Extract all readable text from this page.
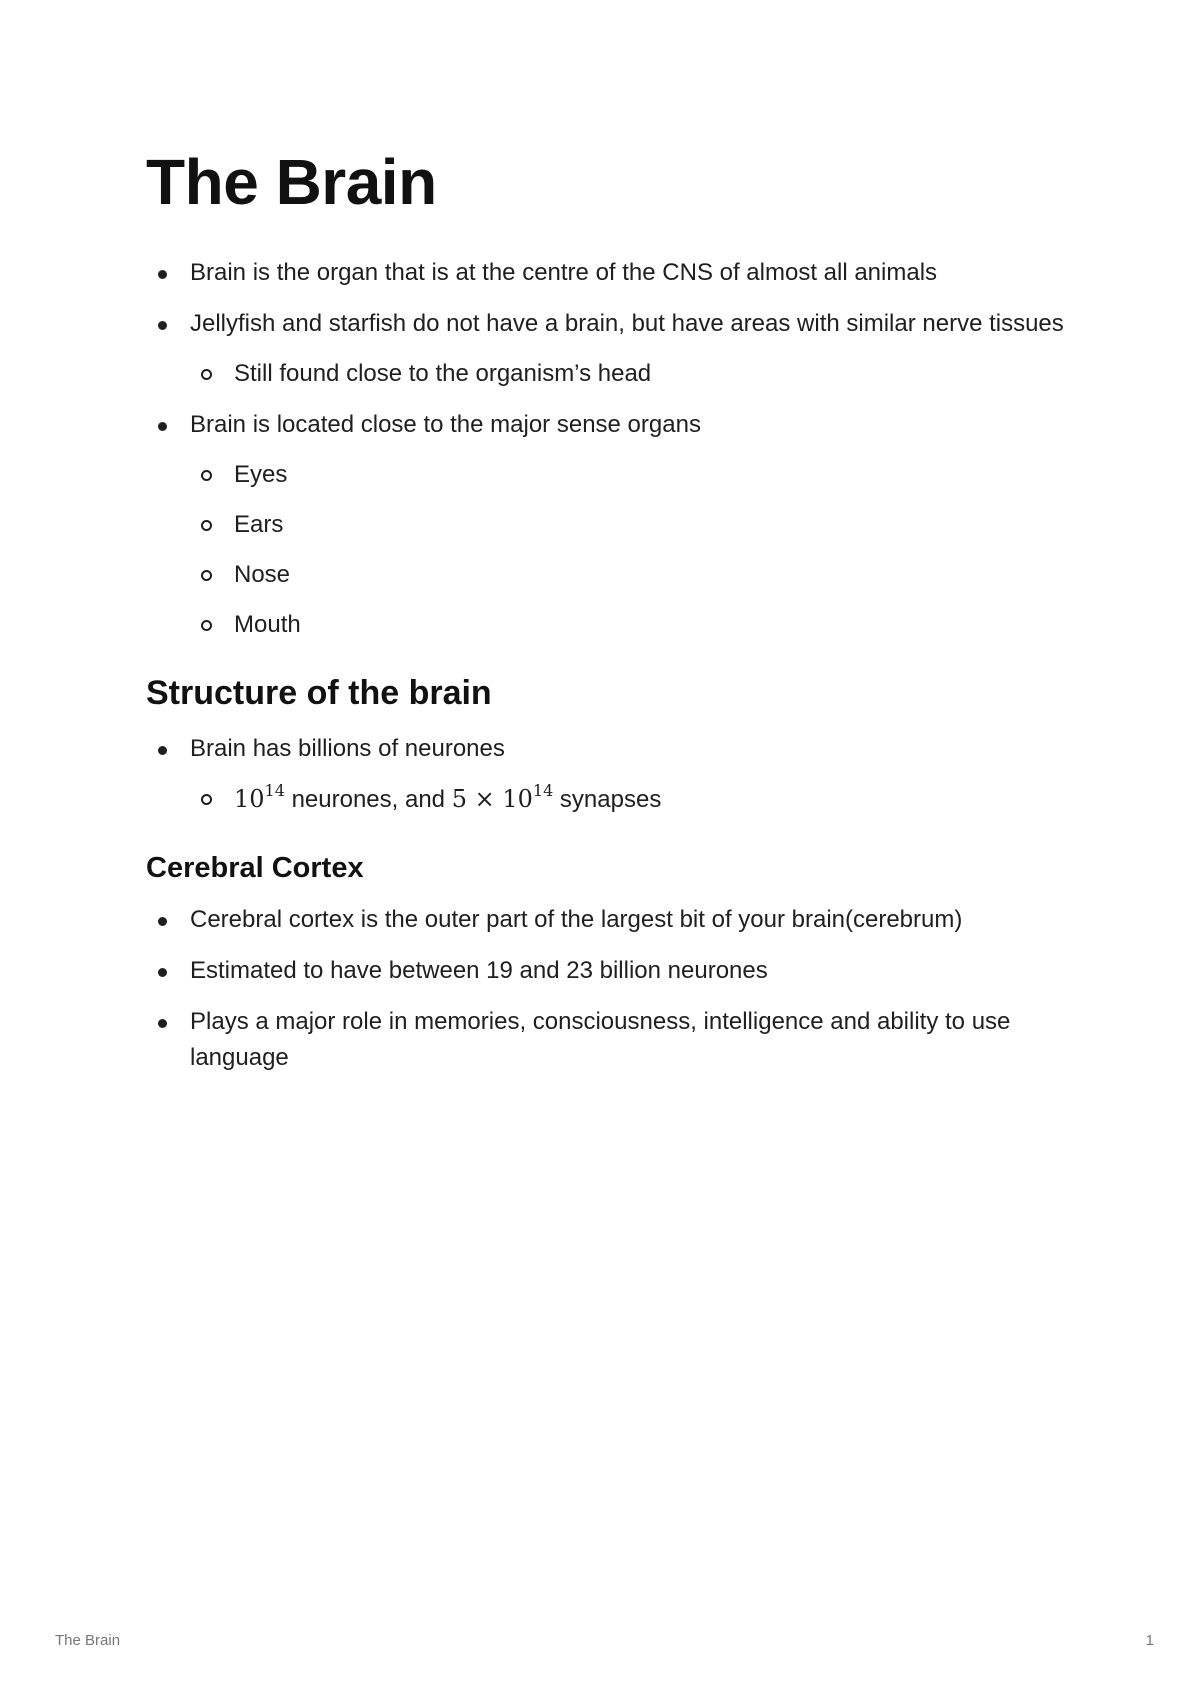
The Brain
Brain is the organ that is at the centre of the CNS of almost all animals
Jellyfish and starfish do not have a brain, but have areas with similar nerve tissues
Still found close to the organism’s head
Brain is located close to the major sense organs
Eyes
Ears
Nose
Mouth
Structure of the brain
Brain has billions of neurones
$10^{14}$ neurones, and $5 \times 10^{14}$ synapses
Cerebral Cortex
Cerebral cortex is the outer part of the largest bit of your brain(cerebrum)
Estimated to have between 19 and 23 billion neurones
Plays a major role in memories, consciousness, intelligence and ability to use language
The Brain	1
